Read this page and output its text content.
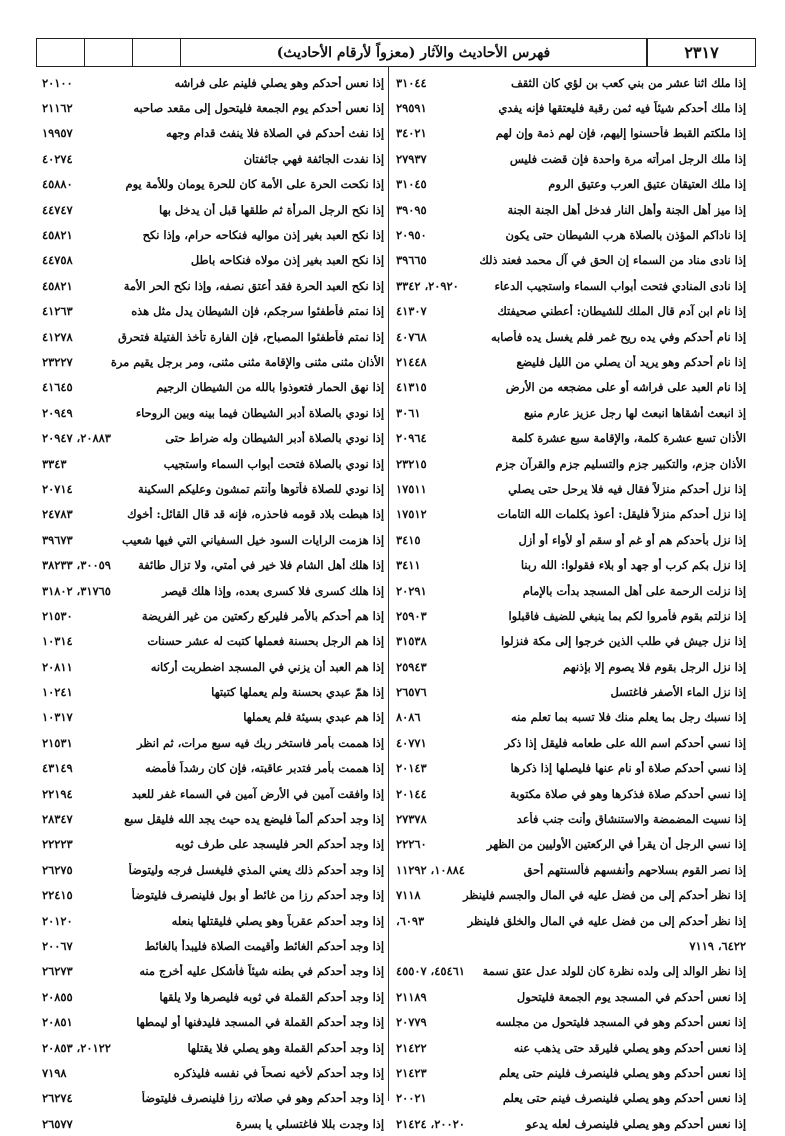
فهرس الأحاديث والآثار (معزواً لأرقام الأحاديث)	٢٣١٧
إذا ملك اثنا عشر من بني كعب بن لؤي كان الثقف
٣١٠٤٤
إذا ملك أحدكم شيئاً فيه ثمن رقبة فليعتقها فإنه يفدي
٢٩٥٩١
إذا ملكتم القبط فأحسنوا إليهم، فإن لهم ذمة وإن لهم
٣٤٠٢١
إذا ملك الرجل امرأته مرة واحدة فإن قضت فليس
٢٧٩٣٧
إذا ملك العتيقان عتيق العرب وعتيق الروم
٣١٠٤٥
إذا ميز أهل الجنة وأهل النار فدخل أهل الجنة الجنة
٣٩٠٩٥
إذا ناداكم المؤذن بالصلاة هرب الشيطان حتى يكون
٢٠٩٥٠
إذا نادى مناد من السماء إن الحق في آل محمد فعند ذلك
٣٩٦٦٥
إذا نادى المنادي فتحت أبواب السماء واستجيب الدعاء
٢٠٩٢٠، ٣٣٤٢
إذا نام ابن آدم قال الملك للشيطان: أعطني صحيفتك
٤١٣٠٧
إذا نام أحدكم وفي يده ريح غمر فلم يغسل يده فأصابه
٤٠٧٦٨
إذا نام أحدكم وهو يريد أن يصلي من الليل فليضع
٢١٤٤٨
إذا نام العبد على فراشه أو على مضجعه من الأرض
٤١٣١٥
إذ انبعث أشقاها انبعث لها رجل عزيز عارم منيع
٣٠٦١
الأذان تسع عشرة كلمة، والإقامة سبع عشرة كلمة
٢٠٩٦٤
الأذان جزم، والتكبير جزم والتسليم جزم والقرآن جزم
٢٣٢١٥
إذا نزل أحدكم منزلاً فقال فيه فلا يرحل حتى يصلي
١٧٥١١
إذا نزل أحدكم منزلاً فليقل: أعوذ بكلمات الله التامات
١٧٥١٢
إذا نزل بأحدكم هم أو غم أو سقم أو لأواء أو أزل
٣٤١٥
إذا نزل بكم كرب أو جهد أو بلاء فقولوا: الله ربنا
٣٤١١
إذا نزلت الرحمة على أهل المسجد بدأت بالإمام
٢٠٢٩١
إذا نزلتم بقوم فأمروا لكم بما ينبغي للضيف فاقبلوا
٢٥٩٠٣
إذا نزل جيش في طلب الذين خرجوا إلى مكة فنزلوا
٣١٥٣٨
إذا نزل الرجل بقوم فلا يصوم إلا بإذنهم
٢٥٩٤٣
إذا نزل الماء الأصفر فاغتسل
٢٦٥٧٦
إذا نسبك رجل بما يعلم منك فلا تسبه بما تعلم منه
٨٠٨٦
إذا نسي أحدكم اسم الله على طعامه فليقل إذا ذكر
٤٠٧٧١
إذا نسي أحدكم صلاة أو نام عنها فليصلها إذا ذكرها
٢٠١٤٣
إذا نسي أحدكم صلاة فذكرها وهو في صلاة مكتوبة
٢٠١٤٤
إذا نسيت المضمضة والاستنشاق وأنت جنب فأعد
٢٧٣٧٨
إذا نسي الرجل أن يقرأ في الركعتين الأوليين من الظهر
٢٢٢٦٠
إذا نصر القوم بسلاحهم وأنفسهم فألسنتهم أحق
١٠٨٨٤، ١١٢٩٢
إذا نظر أحدكم إلى من فضل عليه في المال والجسم فلينظر
٧١١٨
إذا نظر أحدكم إلى من فضل عليه في المال والخلق فلينظر
٦٠٩٣،
٦٤٢٢، ٧١١٩
إذا نظر الوالد إلى ولده نظرة كان للولد عدل عتق نسمة
٤٥٤٦١، ٤٥٥٠٧
إذا نعس أحدكم في المسجد يوم الجمعة فليتحول
٢١١٨٩
إذا نعس أحدكم وهو في المسجد فليتحول من مجلسه
٢٠٧٧٩
إذا نعس أحدكم وهو يصلي فليرقد حتى يذهب عنه
٢١٤٢٢
إذا نعس أحدكم وهو يصلي فلينصرف فلينم حتى يعلم
٢١٤٢٣
إذا نعس أحدكم وهو يصلي فلينصرف فينم حتى يعلم
٢٠٠٢١
إذا نعس أحدكم وهو يصلي فلينصرف لعله يدعو
٢٠٠٢٠، ٢١٤٢٤
إذا نعس أحدكم وهو يصلي فلينم على فراشه
٢٠١٠٠
إذا نعس أحدكم يوم الجمعة فليتحول إلى مقعد صاحبه
٢١١٦٢
إذا نفث أحدكم في الصلاة فلا ينفث قدام وجهه
١٩٩٥٧
إذا نفدت الجاثفة فهي جائفتان
٤٠٢٧٤
إذا نكحت الحرة على الأمة كان للحرة يومان وللأمة يوم
٤٥٨٨٠
إذا نكح الرجل المرأة ثم طلقها قبل أن يدخل بها
٤٤٧٤٧
إذا نكح العبد بغير إذن مواليه فنكاحه حرام، وإذا نكح
٤٥٨٢١
إذا نكح العبد بغير إذن مولاه فنكاحه باطل
٤٤٧٥٨
إذا نكح العبد الحرة فقد أعتق نصفه، وإذا نكح الحر الأمة
٤٥٨٢١
إذا نمتم فأطفئوا سرجكم، فإن الشيطان يدل مثل هذه
٤١٢٦٣
إذا نمتم فأطفئوا المصباح، فإن الفارة تأخذ الفتيلة فتحرق
٤١٢٧٨
الأذان مثنى مثنى والإقامة مثنى مثنى، ومر برجل يقيم مرة
٢٣٢٢٧
إذا نهق الحمار فتعوذوا بالله من الشيطان الرجيم
٤١٦٤٥
إذا نودي بالصلاة أدبر الشيطان فيما بينه وبين الروحاء
٢٠٩٤٩
إذا نودي بالصلاة أدبر الشيطان وله ضراط حتى
٢٠٨٨٣، ٢٠٩٤٧
إذا نودي بالصلاة فتحت أبواب السماء واستجيب
٣٣٤٣
إذا نودي للصلاة فأتوها وأنتم تمشون وعليكم السكينة
٢٠٧١٤
إذا هبطت بلاد قومه فاحذره، فإنه قد قال القائل: أخوك
٢٤٧٨٣
إذا هزمت الرايات السود خيل السفياني التي فيها شعيب
٣٩٦٧٣
إذا هلك أهل الشام فلا خير في أمتي، ولا تزال طائفة
٣٠٠٥٩، ٣٨٢٣٣
إذا هلك كسرى فلا كسرى بعده، وإذا هلك قيصر
٣١٧٦٥، ٣١٨٠٢
إذا هم أحدكم بالأمر فليركع ركعتين من غير الفريضة
٢١٥٣٠
إذا هم الرجل بحسنة فعملها كتبت له عشر حسنات
١٠٣١٤
إذا هم العبد أن يزني في المسجد اضطربت أركانه
٢٠٨١١
إذا همّ عبدي بحسنة ولم يعملها كتبتها
١٠٢٤١
إذا هم عبدي بسيئة فلم يعملها
١٠٣١٧
إذا هممت بأمر فاستخر ربك فيه سبع مرات، ثم انظر
٢١٥٣١
إذا هممت بأمر فتدبر عاقبته، فإن كان رشداً فأمضه
٤٣١٤٩
إذا وافقت آمين في الأرض آمين في السماء غفر للعبد
٢٢١٩٤
إذا وجد أحدكم ألماً فليضع يده حيث يجد الله فليقل سبع
٢٨٣٤٧
إذا وجد أحدكم الحر فليسجد على طرف ثوبه
٢٢٢٢٣
إذا وجد أحدكم ذلك يعني المذي فليغسل فرجه وليتوضأ
٢٦٢٧٥
إذا وجد أحدكم رزا من غائط أو بول فلينصرف فليتوضأ
٢٢٤١٥
إذا وجد أحدكم عقرباً وهو يصلي فليقتلها بنعله
٢٠١٢٠
إذا وجد أحدكم الغائط وأقيمت الصلاة فليبدأ بالغائط
٢٠٠٦٧
إذا وجد أحدكم في بطنه شيئاً فأشكل عليه أخرج منه
٢٦٢٧٣
إذا وجد أحدكم القملة في ثوبه فليصرها ولا يلقها
٢٠٨٥٥
إذا وجد أحدكم القملة في المسجد فليدفنها أو ليمطها
٢٠٨٥١
إذا وجد أحدكم القملة وهو يصلي فلا يقتلها
٢٠١٢٢، ٢٠٨٥٣
إذا وجد أحدكم لأخيه نصحاً في نفسه فليذكره
٧١٩٨
إذا وجد أحدكم وهو في صلاته رزا فلينصرف فليتوضأ
٢٦٢٧٤
إذا وجدت بللا فاغتسلي يا بسرة
٢٦٥٧٧
